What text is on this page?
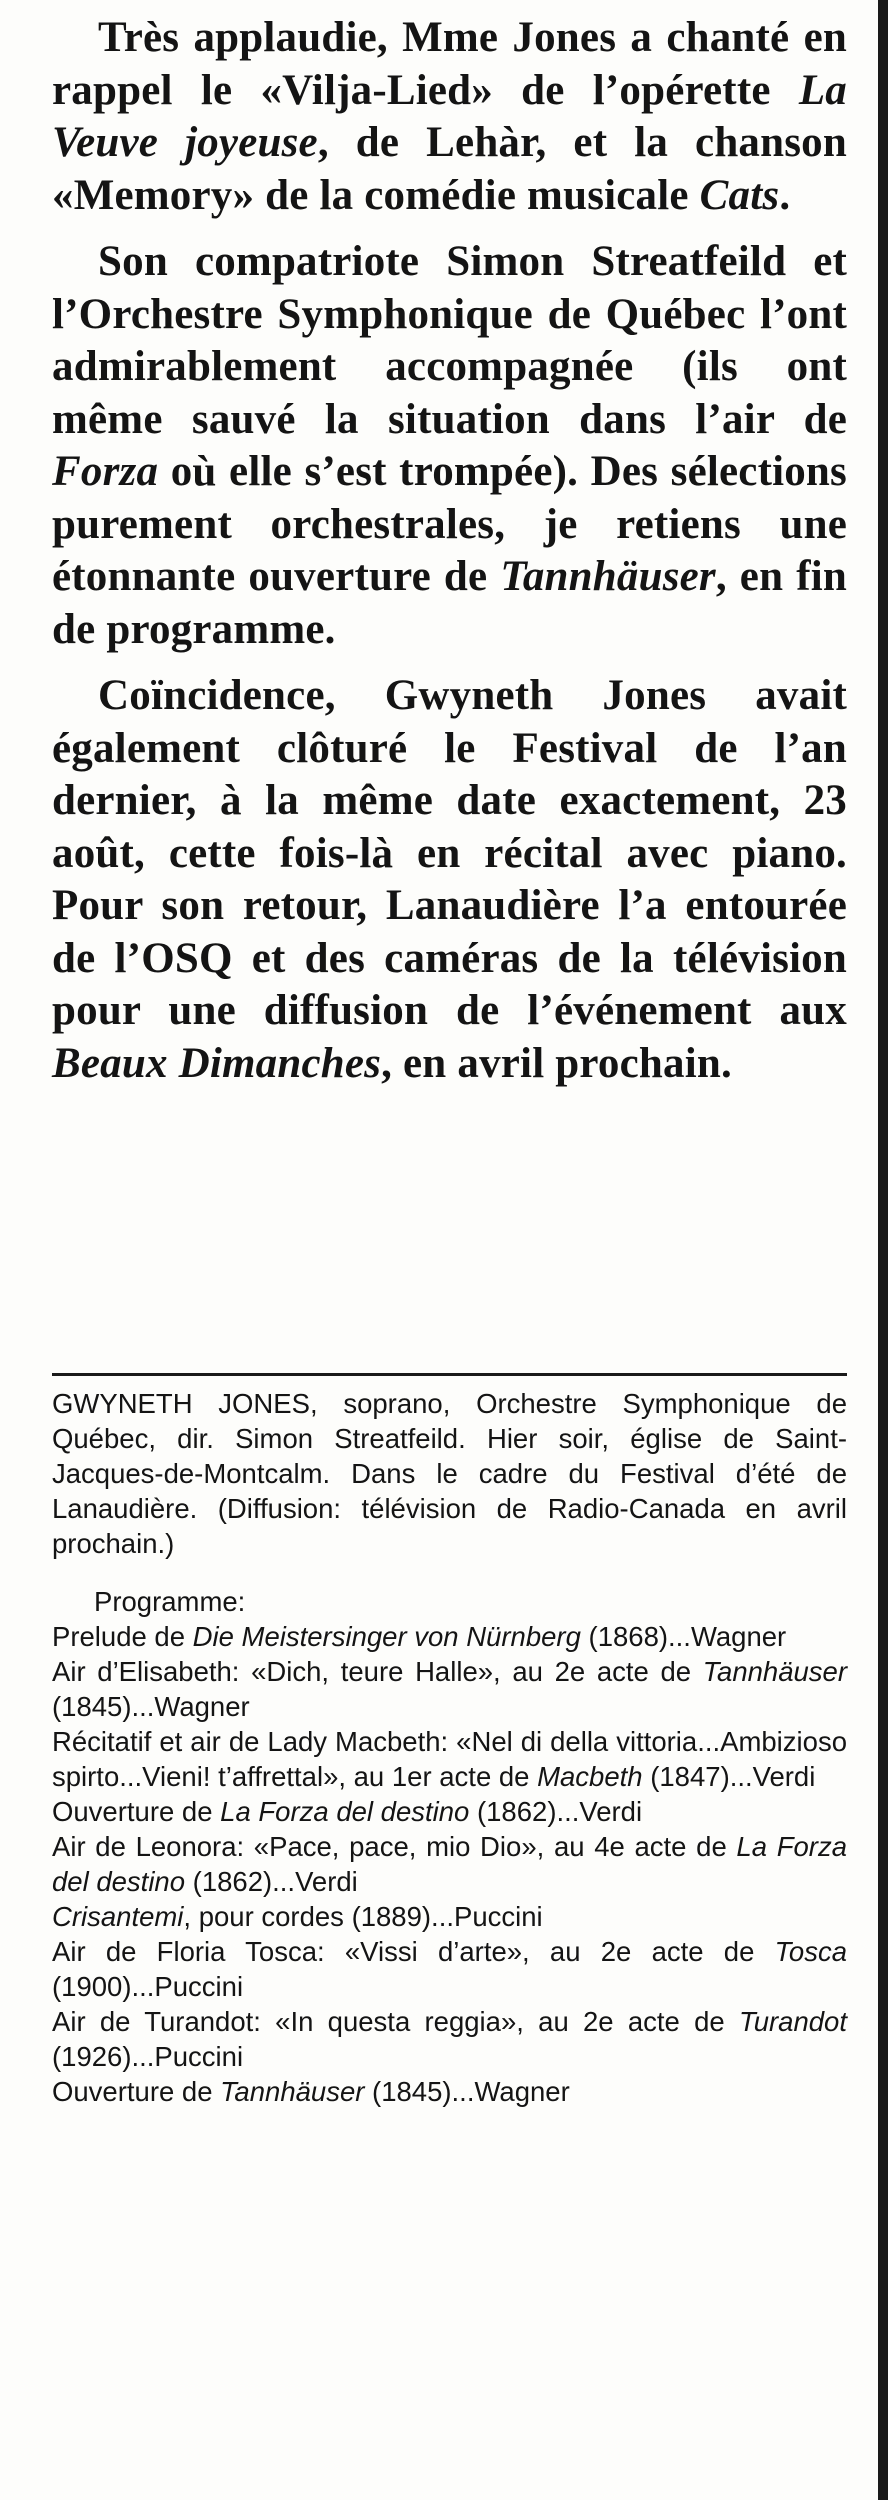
Très applaudie, Mme Jones a chanté en rappel le «Vilja-Lied» de l’opérette La Veuve joyeuse, de Lehàr, et la chanson «Memory» de la comédie musicale Cats.

Son compatriote Simon Streatfeild et l’Orchestre Symphonique de Québec l’ont admirablement accompagnée (ils ont même sauvé la situation dans l’air de Forza où elle s’est trompée). Des sélections purement orchestrales, je retiens une étonnante ouverture de Tannhäuser, en fin de programme.

Coïncidence, Gwyneth Jones avait également clôturé le Festival de l’an dernier, à la même date exactement, 23 août, cette fois-là en récital avec piano. Pour son retour, Lanaudière l’a entourée de l’OSQ et des caméras de la télévision pour une diffusion de l’événement aux Beaux Dimanches, en avril prochain.

GWYNETH JONES, soprano, Orchestre Symphonique de Québec, dir. Simon Streatfeild. Hier soir, église de Saint-Jacques-de-Montcalm. Dans le cadre du Festival d’été de Lanaudière. (Diffusion: télévision de Radio-Canada en avril prochain.)
Programme:
Prelude de Die Meistersinger von Nürnberg (1868)...Wagner
Air d’Elisabeth: «Dich, teure Halle», au 2e acte de Tannhäuser (1845)...Wagner
Récitatif et air de Lady Macbeth: «Nel di della vittoria...Ambizioso spirto...Vieni! t’affrettal», au 1er acte de Macbeth (1847)...Verdi
Ouverture de La Forza del destino (1862)...Verdi
Air de Leonora: «Pace, pace, mio Dio», au 4e acte de La Forza del destino (1862)...Verdi
Crisantemi, pour cordes (1889)...Puccini
Air de Floria Tosca: «Vissi d’arte», au 2e acte de Tosca (1900)...Puccini
Air de Turandot: «In questa reggia», au 2e acte de Turandot (1926)...Puccini
Ouverture de Tannhäuser (1845)...Wagner
